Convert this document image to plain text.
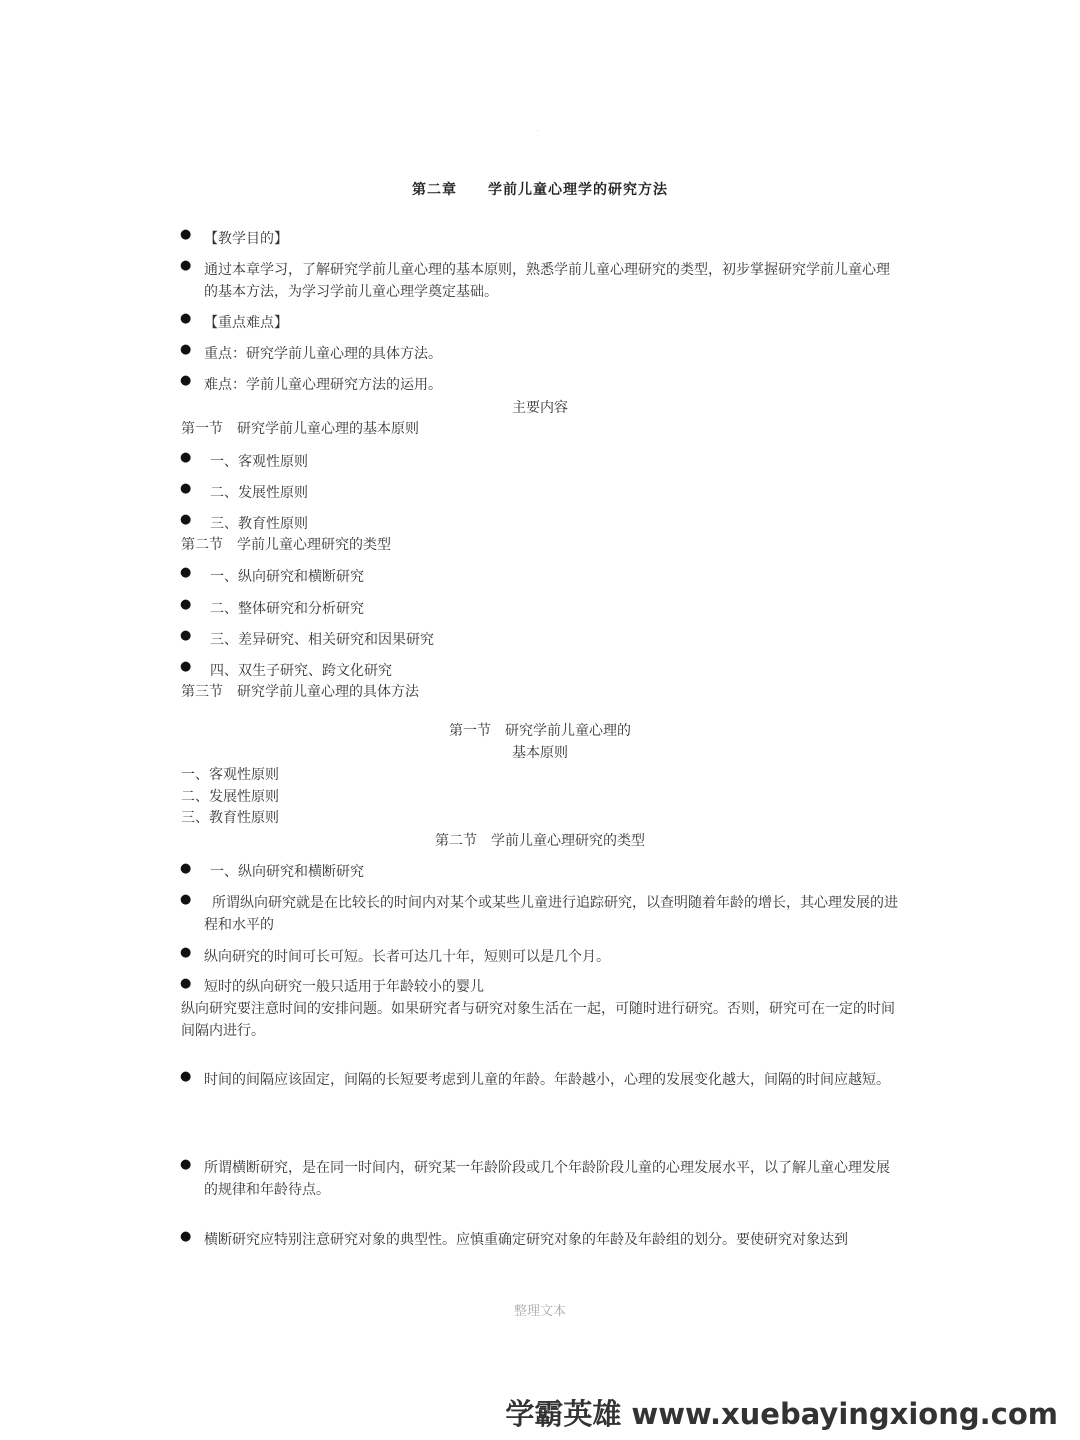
.
第二章 学前儿童心理学的研究方法
● 【教学目的】
● 通过本章学习，了解研究学前儿童心理的基本原则，熟悉学前儿童心理研究的类型，初步掌握研究学前儿童心理的基本方法，为学习学前儿童心理学奠定基础。
● 【重点难点】
● 重点：研究学前儿童心理的具体方法。
● 难点：学前儿童心理研究方法的运用。
主要内容
第一节　研究学前儿童心理的基本原则
● 一、客观性原则
● 二、发展性原则
● 三、教育性原则
第二节　学前儿童心理研究的类型
● 一、纵向研究和横断研究
● 二、整体研究和分析研究
● 三、差异研究、相关研究和因果研究
● 四、双生子研究、跨文化研究
第三节　研究学前儿童心理的具体方法
第一节　研究学前儿童心理的
基本原则
一、客观性原则
二、发展性原则
三、教育性原则
第二节　学前儿童心理研究的类型
● 一、纵向研究和横断研究
●	所谓纵向研究就是在比较长的时间内对某个或某些儿童进行追踪研究，以查明随着年龄的增长，其心理发展的进程和水平的
● 纵向研究的时间可长可短。长者可达几十年，短则可以是几个月。
● 短时的纵向研究一般只适用于年龄较小的婴儿
纵向研究要注意时间的安排问题。如果研究者与研究对象生活在一起，可随时进行研究。否则，研究可在一定的时间间隔内进行。
● 时间的间隔应该固定，间隔的长短要考虑到儿童的年龄。年龄越小，心理的发展变化越大，间隔的时间应越短。
● 所谓横断研究，是在同一时间内，研究某一年龄阶段或几个年龄阶段儿童的心理发展水平，以了解儿童心理发展的规律和年龄待点。
● 横断研究应特别注意研究对象的典型性。应慎重确定研究对象的年龄及年龄组的划分。要使研究对象达到
整理文本
学霸英雄 www.xuebayingxiong.com
